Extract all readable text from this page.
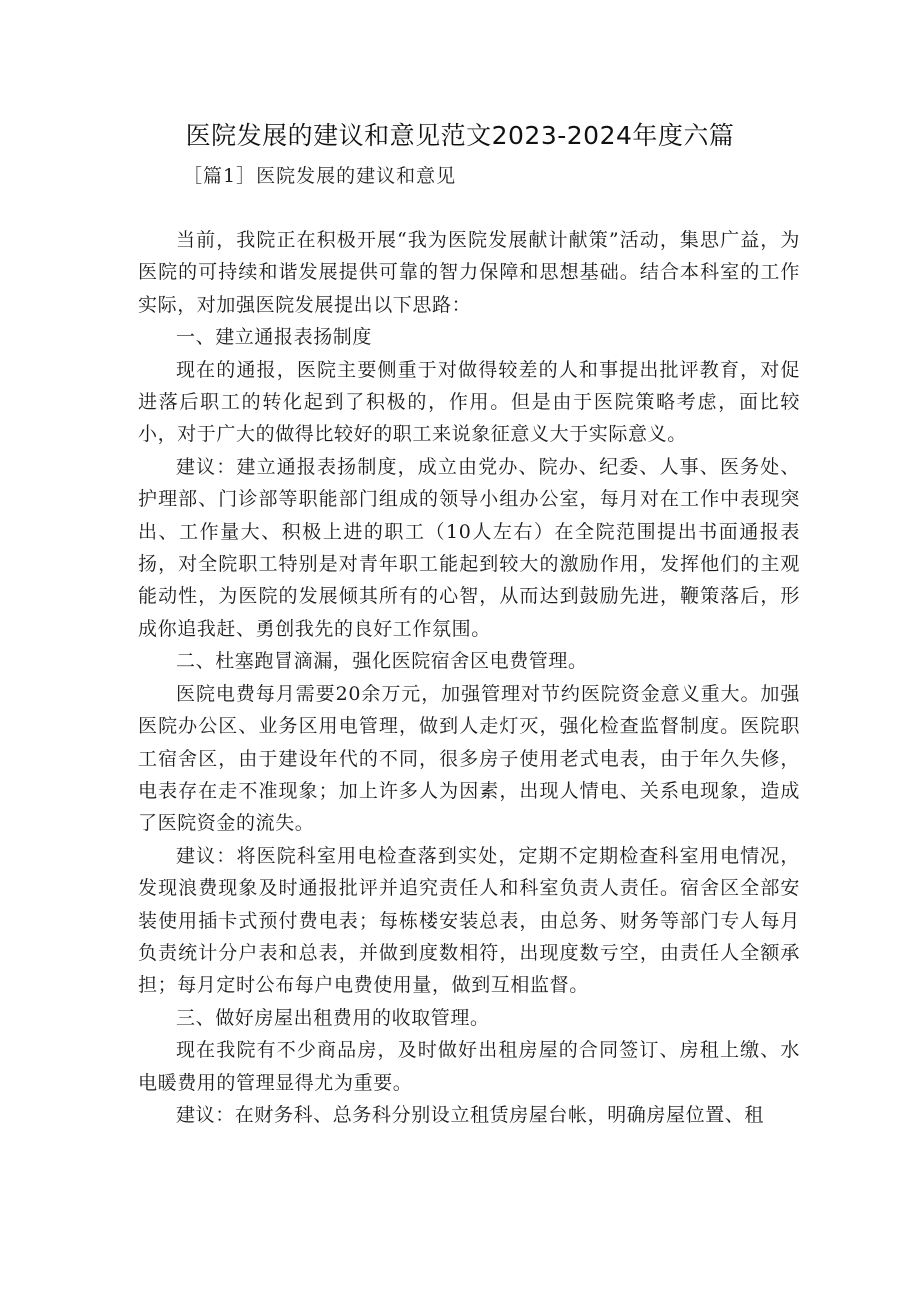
医院发展的建议和意见范文2023-2024年度六篇

［篇1］医院发展的建议和意见

当前，我院正在积极开展“我为医院发展献计献策”活动，集思广益，为医院的可持续和谐发展提供可靠的智力保障和思想基础。结合本科室的工作实际，对加强医院发展提出以下思路：

一、建立通报表扬制度

现在的通报，医院主要侧重于对做得较差的人和事提出批评教育，对促进落后职工的转化起到了积极的，作用。但是由于医院策略考虑，面比较小，对于广大的做得比较好的职工来说象征意义大于实际意义。

建议：建立通报表扬制度，成立由党办、院办、纪委、人事、医务处、护理部、门诊部等职能部门组成的领导小组办公室，每月对在工作中表现突出、工作量大、积极上进的职工（10人左右）在全院范围提出书面通报表扬，对全院职工特别是对青年职工能起到较大的激励作用，发挥他们的主观能动性，为医院的发展倾其所有的心智，从而达到鼓励先进，鞭策落后，形成你追我赶、勇创我先的良好工作氛围。

二、杜塞跑冒滴漏，强化医院宿舍区电费管理。

医院电费每月需要20余万元，加强管理对节约医院资金意义重大。加强医院办公区、业务区用电管理，做到人走灯灭，强化检查监督制度。医院职工宿舍区，由于建设年代的不同，很多房子使用老式电表，由于年久失修，电表存在走不准现象；加上许多人为因素，出现人情电、关系电现象，造成了医院资金的流失。

建议：将医院科室用电检查落到实处，定期不定期检查科室用电情况，发现浪费现象及时通报批评并追究责任人和科室负责人责任。宿舍区全部安装使用插卡式预付费电表；每栋楼安装总表，由总务、财务等部门专人每月负责统计分户表和总表，并做到度数相符，出现度数亏空，由责任人全额承担；每月定时公布每户电费使用量，做到互相监督。

三、做好房屋出租费用的收取管理。

现在我院有不少商品房，及时做好出租房屋的合同签订、房租上缴、水电暖费用的管理显得尤为重要。

建议：在财务科、总务科分别设立租赁房屋台帐，明确房屋位置、租
